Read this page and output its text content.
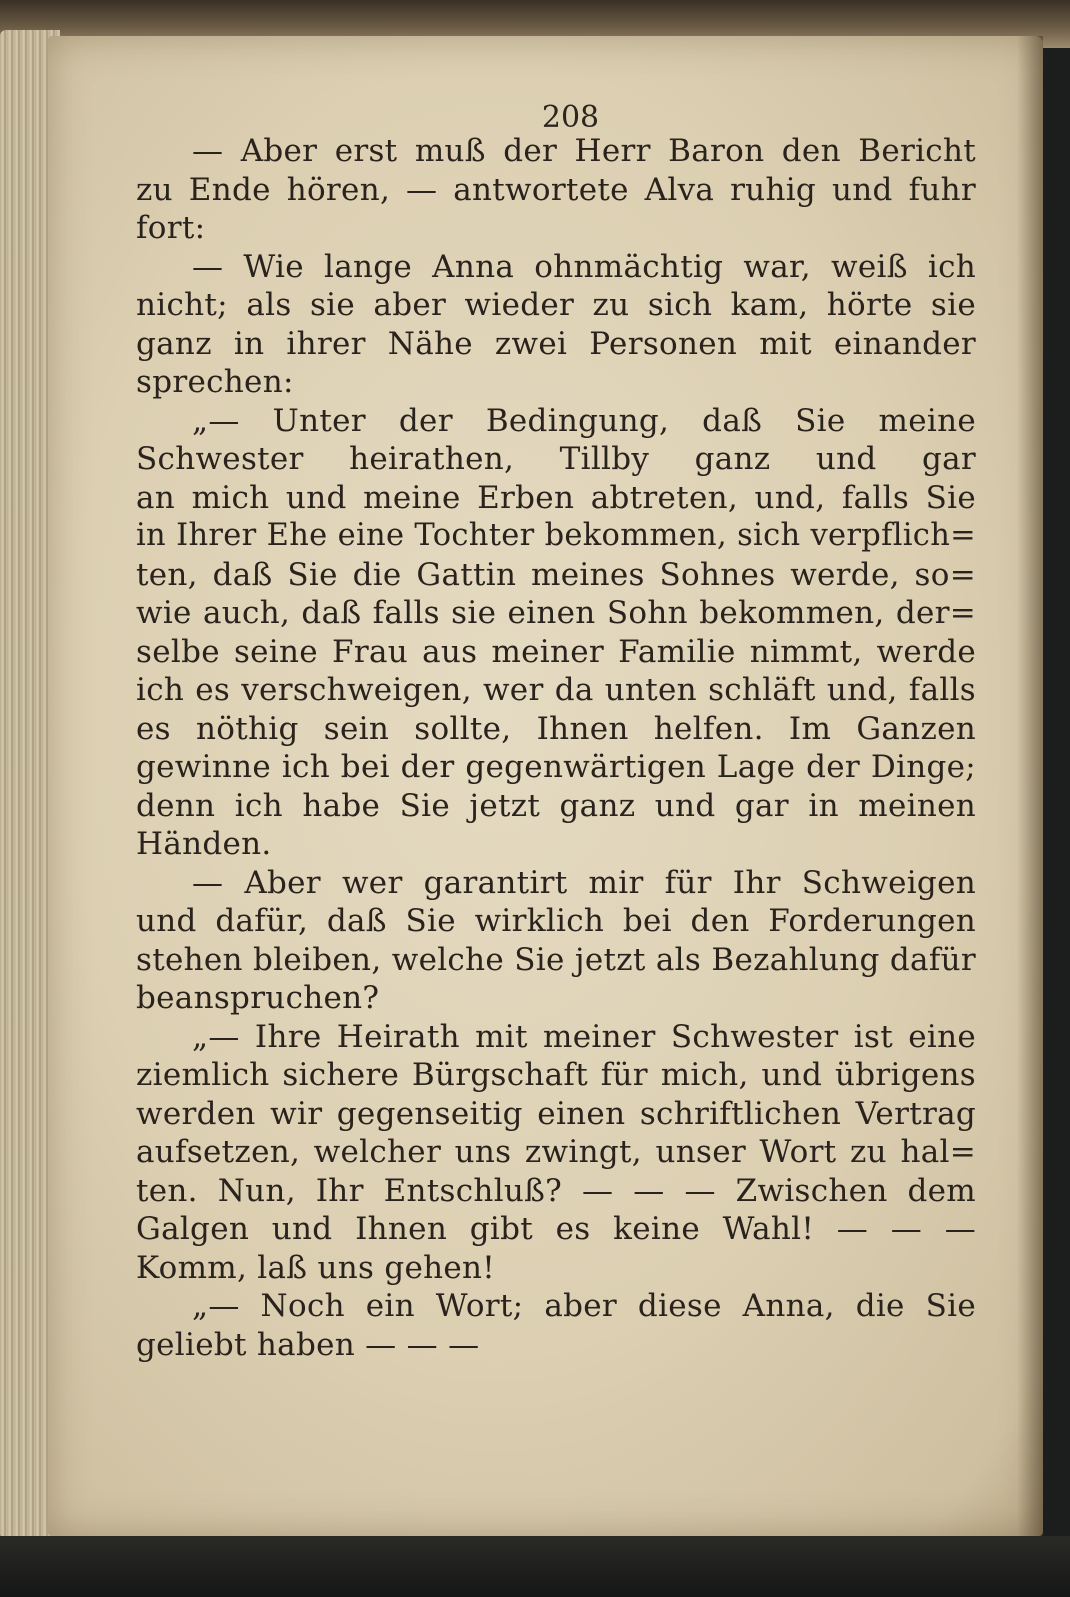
208
— Aber erst muß der Herr Baron den Bericht
zu Ende hören, — antwortete Alva ruhig und fuhr
fort:
— Wie lange Anna ohnmächtig war, weiß ich
nicht; als sie aber wieder zu sich kam, hörte sie
ganz in ihrer Nähe zwei Personen mit einander
sprechen:
„— Unter der Bedingung, daß Sie meine
Schwester heirathen, Tillby ganz und gar
an mich und meine Erben abtreten, und, falls Sie
in Ihrer Ehe eine Tochter bekommen, sich verpflich=
ten, daß Sie die Gattin meines Sohnes werde, so=
wie auch, daß falls sie einen Sohn bekommen, der=
selbe seine Frau aus meiner Familie nimmt, werde
ich es verschweigen, wer da unten schläft und, falls
es nöthig sein sollte, Ihnen helfen. Im Ganzen
gewinne ich bei der gegenwärtigen Lage der Dinge;
denn ich habe Sie jetzt ganz und gar in meinen
Händen.
— Aber wer garantirt mir für Ihr Schweigen
und dafür, daß Sie wirklich bei den Forderungen
stehen bleiben, welche Sie jetzt als Bezahlung dafür
beanspruchen?
„— Ihre Heirath mit meiner Schwester ist eine
ziemlich sichere Bürgschaft für mich, und übrigens
werden wir gegenseitig einen schriftlichen Vertrag
aufsetzen, welcher uns zwingt, unser Wort zu hal=
ten. Nun, Ihr Entschluß? — — — Zwischen dem
Galgen und Ihnen gibt es keine Wahl! — — —
Komm, laß uns gehen!
„— Noch ein Wort; aber diese Anna, die Sie
geliebt haben — — —
